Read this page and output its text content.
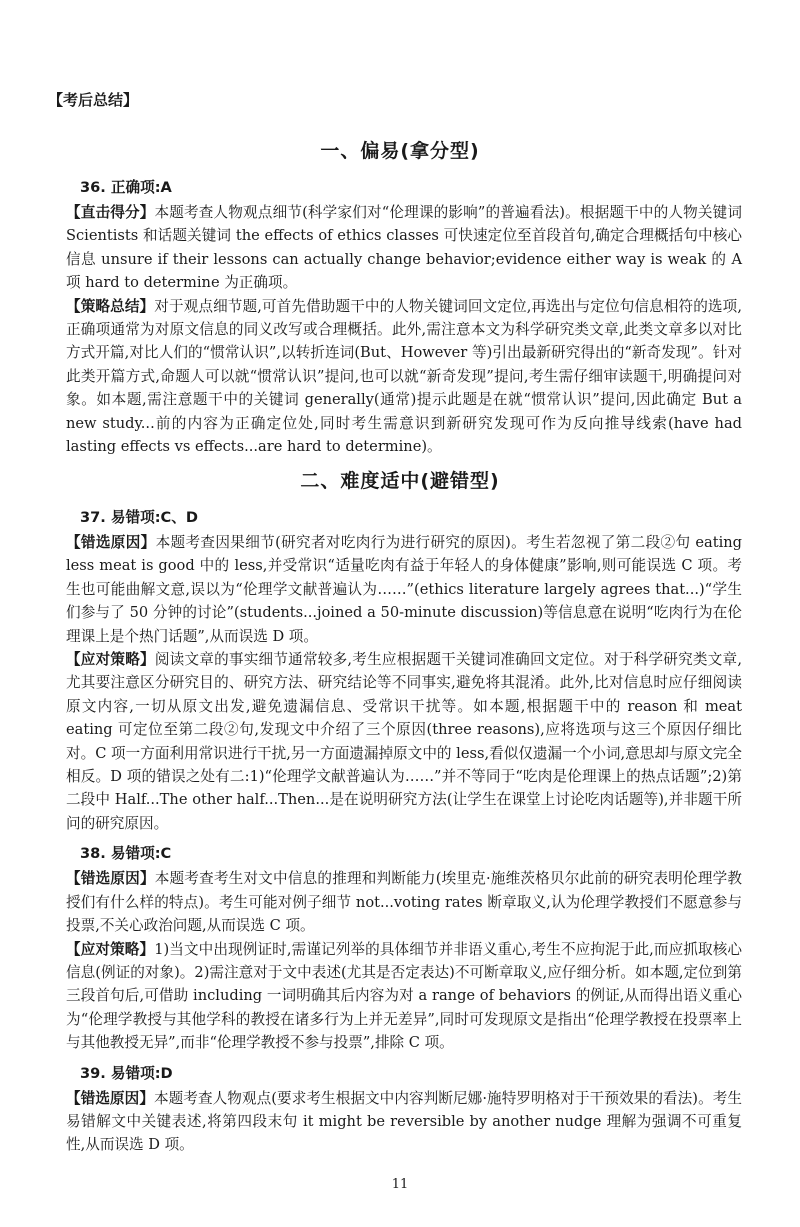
【考后总结】
一、偏易(拿分型)
36. 正确项:A

【直击得分】本题考查人物观点细节(科学家们对“伦理课的影响”的普遍看法)。根据题干中的人物关键词 Scientists 和话题关键词 the effects of ethics classes 可快速定位至首段首句,确定合理概括句中核心信息 unsure if their lessons can actually change behavior;evidence either way is weak 的 A 项 hard to determine 为正确项。

【策略总结】对于观点细节题,可首先借助题干中的人物关键词回文定位,再选出与定位句信息相符的选项,正确项通常为对原文信息的同义改写或合理概括。此外,需注意本文为科学研究类文章,此类文章多以对比方式开篇,对比人们的“惯常认识”,以转折连词(But、However 等)引出最新研究得出的“新奇发现”。针对此类开篇方式,命题人可以就“惯常认识”提问,也可以就“新奇发现”提问,考生需仔细审读题干,明确提问对象。如本题,需注意题干中的关键词 generally(通常)提示此题是在就“惯常认识”提问,因此确定 But a new study...前的内容为正确定位处,同时考生需意识到新研究发现可作为反向推导线索(have had lasting effects vs effects...are hard to determine)。

二、难度适中(避错型)
37. 易错项:C、D

【错选原因】本题考查因果细节(研究者对吃肉行为进行研究的原因)。考生若忽视了第二段②句 eating less meat is good 中的 less,并受常识“适量吃肉有益于年轻人的身体健康”影响,则可能误选 C 项。考生也可能曲解文意,误以为“伦理学文献普遍认为……”(ethics literature largely agrees that...)“学生们参与了 50 分钟的讨论”(students...joined a 50-minute discussion)等信息意在说明“吃肉行为在伦理课上是个热门话题”,从而误选 D 项。

【应对策略】阅读文章的事实细节通常较多,考生应根据题干关键词准确回文定位。对于科学研究类文章,尤其要注意区分研究目的、研究方法、研究结论等不同事实,避免将其混淆。此外,比对信息时应仔细阅读原文内容,一切从原文出发,避免遗漏信息、受常识干扰等。如本题,根据题干中的 reason 和 meat eating 可定位至第二段②句,发现文中介绍了三个原因(three reasons),应将选项与这三个原因仔细比对。C 项一方面利用常识进行干扰,另一方面遗漏掉原文中的 less,看似仅遗漏一个小词,意思却与原文完全相反。D 项的错误之处有二:1)“伦理学文献普遍认为……”并不等同于“吃肉是伦理课上的热点话题”;2)第二段中 Half...The other half...Then...是在说明研究方法(让学生在课堂上讨论吃肉话题等),并非题干所问的研究原因。

38. 易错项:C

【错选原因】本题考查考生对文中信息的推理和判断能力(埃里克·施维茨格贝尔此前的研究表明伦理学教授们有什么样的特点)。考生可能对例子细节 not...voting rates 断章取义,认为伦理学教授们不愿意参与投票,不关心政治问题,从而误选 C 项。

【应对策略】1)当文中出现例证时,需谨记列举的具体细节并非语义重心,考生不应拘泥于此,而应抓取核心信息(例证的对象)。2)需注意对于文中表述(尤其是否定表达)不可断章取义,应仔细分析。如本题,定位到第三段首句后,可借助 including 一词明确其后内容为对 a range of behaviors 的例证,从而得出语义重心为“伦理学教授与其他学科的教授在诸多行为上并无差异”,同时可发现原文是指出“伦理学教授在投票率上与其他教授无异”,而非“伦理学教授不参与投票”,排除 C 项。

39. 易错项:D

【错选原因】本题考查人物观点(要求考生根据文中内容判断尼娜·施特罗明格对于干预效果的看法)。考生易错解文中关键表述,将第四段末句 it might be reversible by another nudge 理解为强调不可重复性,从而误选 D 项。

11
